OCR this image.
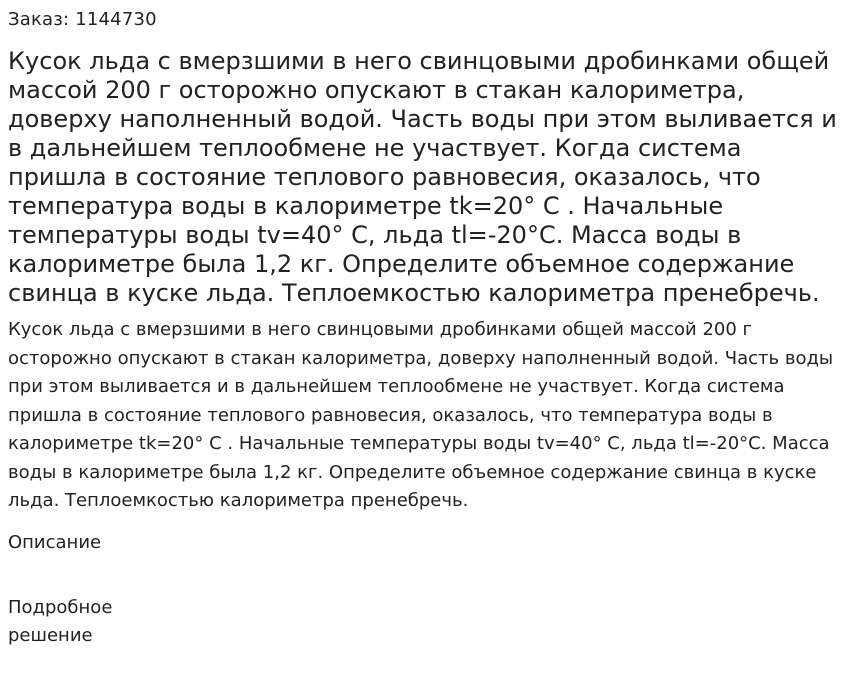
Заказ: 1144730
Кусок льда с вмерзшими в него свинцовыми дробинками общей массой 200 г осторожно опускают в стакан калориметра, доверху наполненный водой. Часть воды при этом выливается и в дальнейшем теплообмене не участвует. Когда система пришла в состояние теплового равновесия, оказалось, что температура воды в калориметре tk=20° C . Начальные температуры воды tv=40° С, льда tl=-20°C. Масса воды в калориметре была 1,2 кг. Определите объемное содержание свинца в куске льда. Теплоемкостью калориметра пренебречь.

Кусок льда с вмерзшими в него свинцовыми дробинками общей массой 200 г осторожно опускают в стакан калориметра, доверху наполненный водой. Часть воды при этом выливается и в дальнейшем теплообмене не участвует. Когда система пришла в состояние теплового равновесия, оказалось, что температура воды в калориметре tk=20° C . Начальные температуры воды tv=40° С, льда tl=-20°C. Масса воды в калориметре была 1,2 кг. Определите объемное содержание свинца в куске льда. Теплоемкостью калориметра пренебречь.

Описание
Подробное
решение
